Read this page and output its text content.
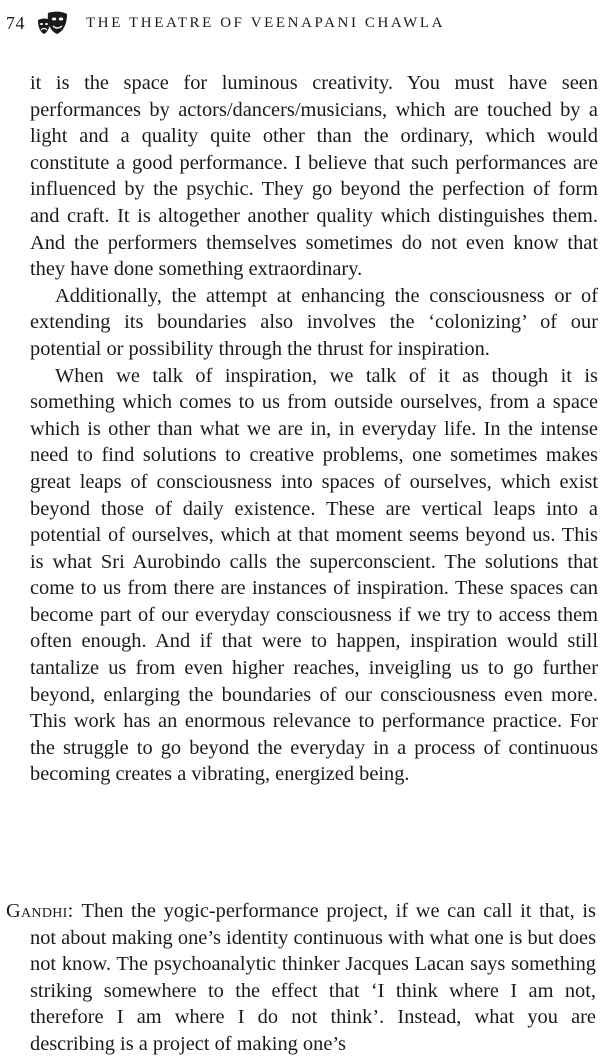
74	THE THEATRE OF VEENAPANI CHAWLA

it is the space for luminous creativity. You must have seen performances by actors/dancers/musicians, which are touched by a light and a quality quite other than the ordinary, which would constitute a good performance. I believe that such performances are influenced by the psychic. They go beyond the perfection of form and craft. It is altogether another quality which distinguishes them. And the performers themselves sometimes do not even know that they have done something extraordinary.

Additionally, the attempt at enhancing the consciousness or of extending its boundaries also involves the ‘colonizing’ of our potential or possibility through the thrust for inspiration.

When we talk of inspiration, we talk of it as though it is something which comes to us from outside ourselves, from a space which is other than what we are in, in everyday life. In the intense need to find solutions to creative problems, one sometimes makes great leaps of consciousness into spaces of ourselves, which exist beyond those of daily existence. These are vertical leaps into a potential of ourselves, which at that moment seems beyond us. This is what Sri Aurobindo calls the superconscient. The solutions that come to us from there are instances of inspiration. These spaces can become part of our everyday consciousness if we try to access them often enough. And if that were to happen, inspiration would still tantalize us from even higher reaches, inveigling us to go further beyond, enlarging the boundaries of our consciousness even more. This work has an enormous relevance to performance practice. For the struggle to go beyond the everyday in a process of continuous becoming creates a vibrating, energized being.

Gandhi: Then the yogic-performance project, if we can call it that, is not about making one’s identity continuous with what one is but does not know. The psychoanalytic thinker Jacques Lacan says something striking somewhere to the effect that ‘I think where I am not, therefore I am where I do not think’. Instead, what you are describing is a project of making one’s
